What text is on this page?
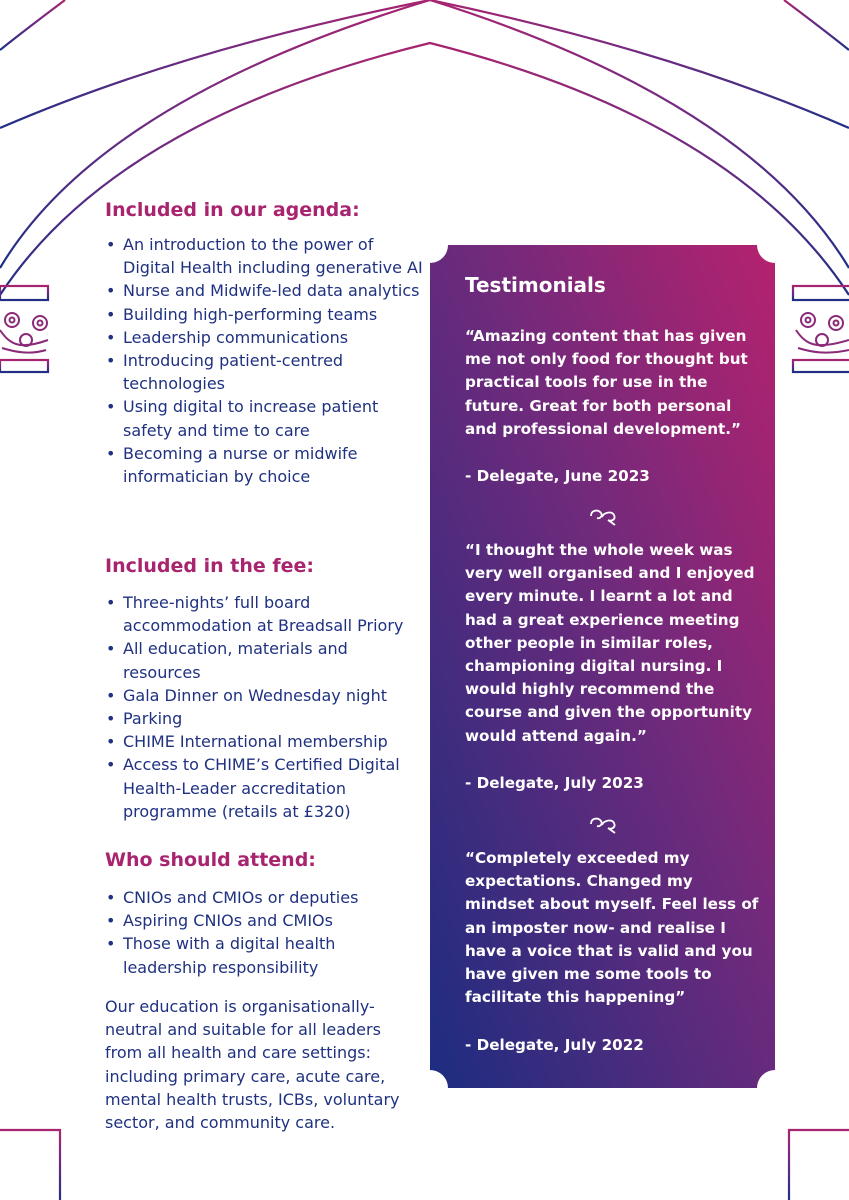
Included in our agenda:
• An introduction to the power of Digital Health including generative AI
• Nurse and Midwife-led data analytics
• Building high-performing teams
• Leadership communications
• Introducing patient-centred technologies
• Using digital to increase patient safety and time to care
• Becoming a nurse or midwife informatician by choice
Included in the fee:
• Three-nights’ full board accommodation at Breadsall Priory
• All education, materials and resources
• Gala Dinner on Wednesday night
• Parking
• CHIME International membership
• Access to CHIME’s Certified Digital Health-Leader accreditation programme (retails at £320)
Who should attend:
• CNIOs and CMIOs or deputies
• Aspiring CNIOs and CMIOs
• Those with a digital health leadership responsibility

Our education is organisationally-neutral and suitable for all leaders from all health and care settings: including primary care, acute care, mental health trusts, ICBs, voluntary sector, and community care.

Testimonials

“Amazing content that has given me not only food for thought but practical tools for use in the future. Great for both personal and professional development.”

- Delegate, June 2023

“I thought the whole week was very well organised and I enjoyed every minute. I learnt a lot and had a great experience meeting other people in similar roles, championing digital nursing. I would highly recommend the course and given the opportunity would attend again.”

- Delegate, July 2023

“Completely exceeded my expectations. Changed my mindset about myself. Feel less of an imposter now- and realise I have a voice that is valid and you have given me some tools to facilitate this happening”

- Delegate, July 2022
